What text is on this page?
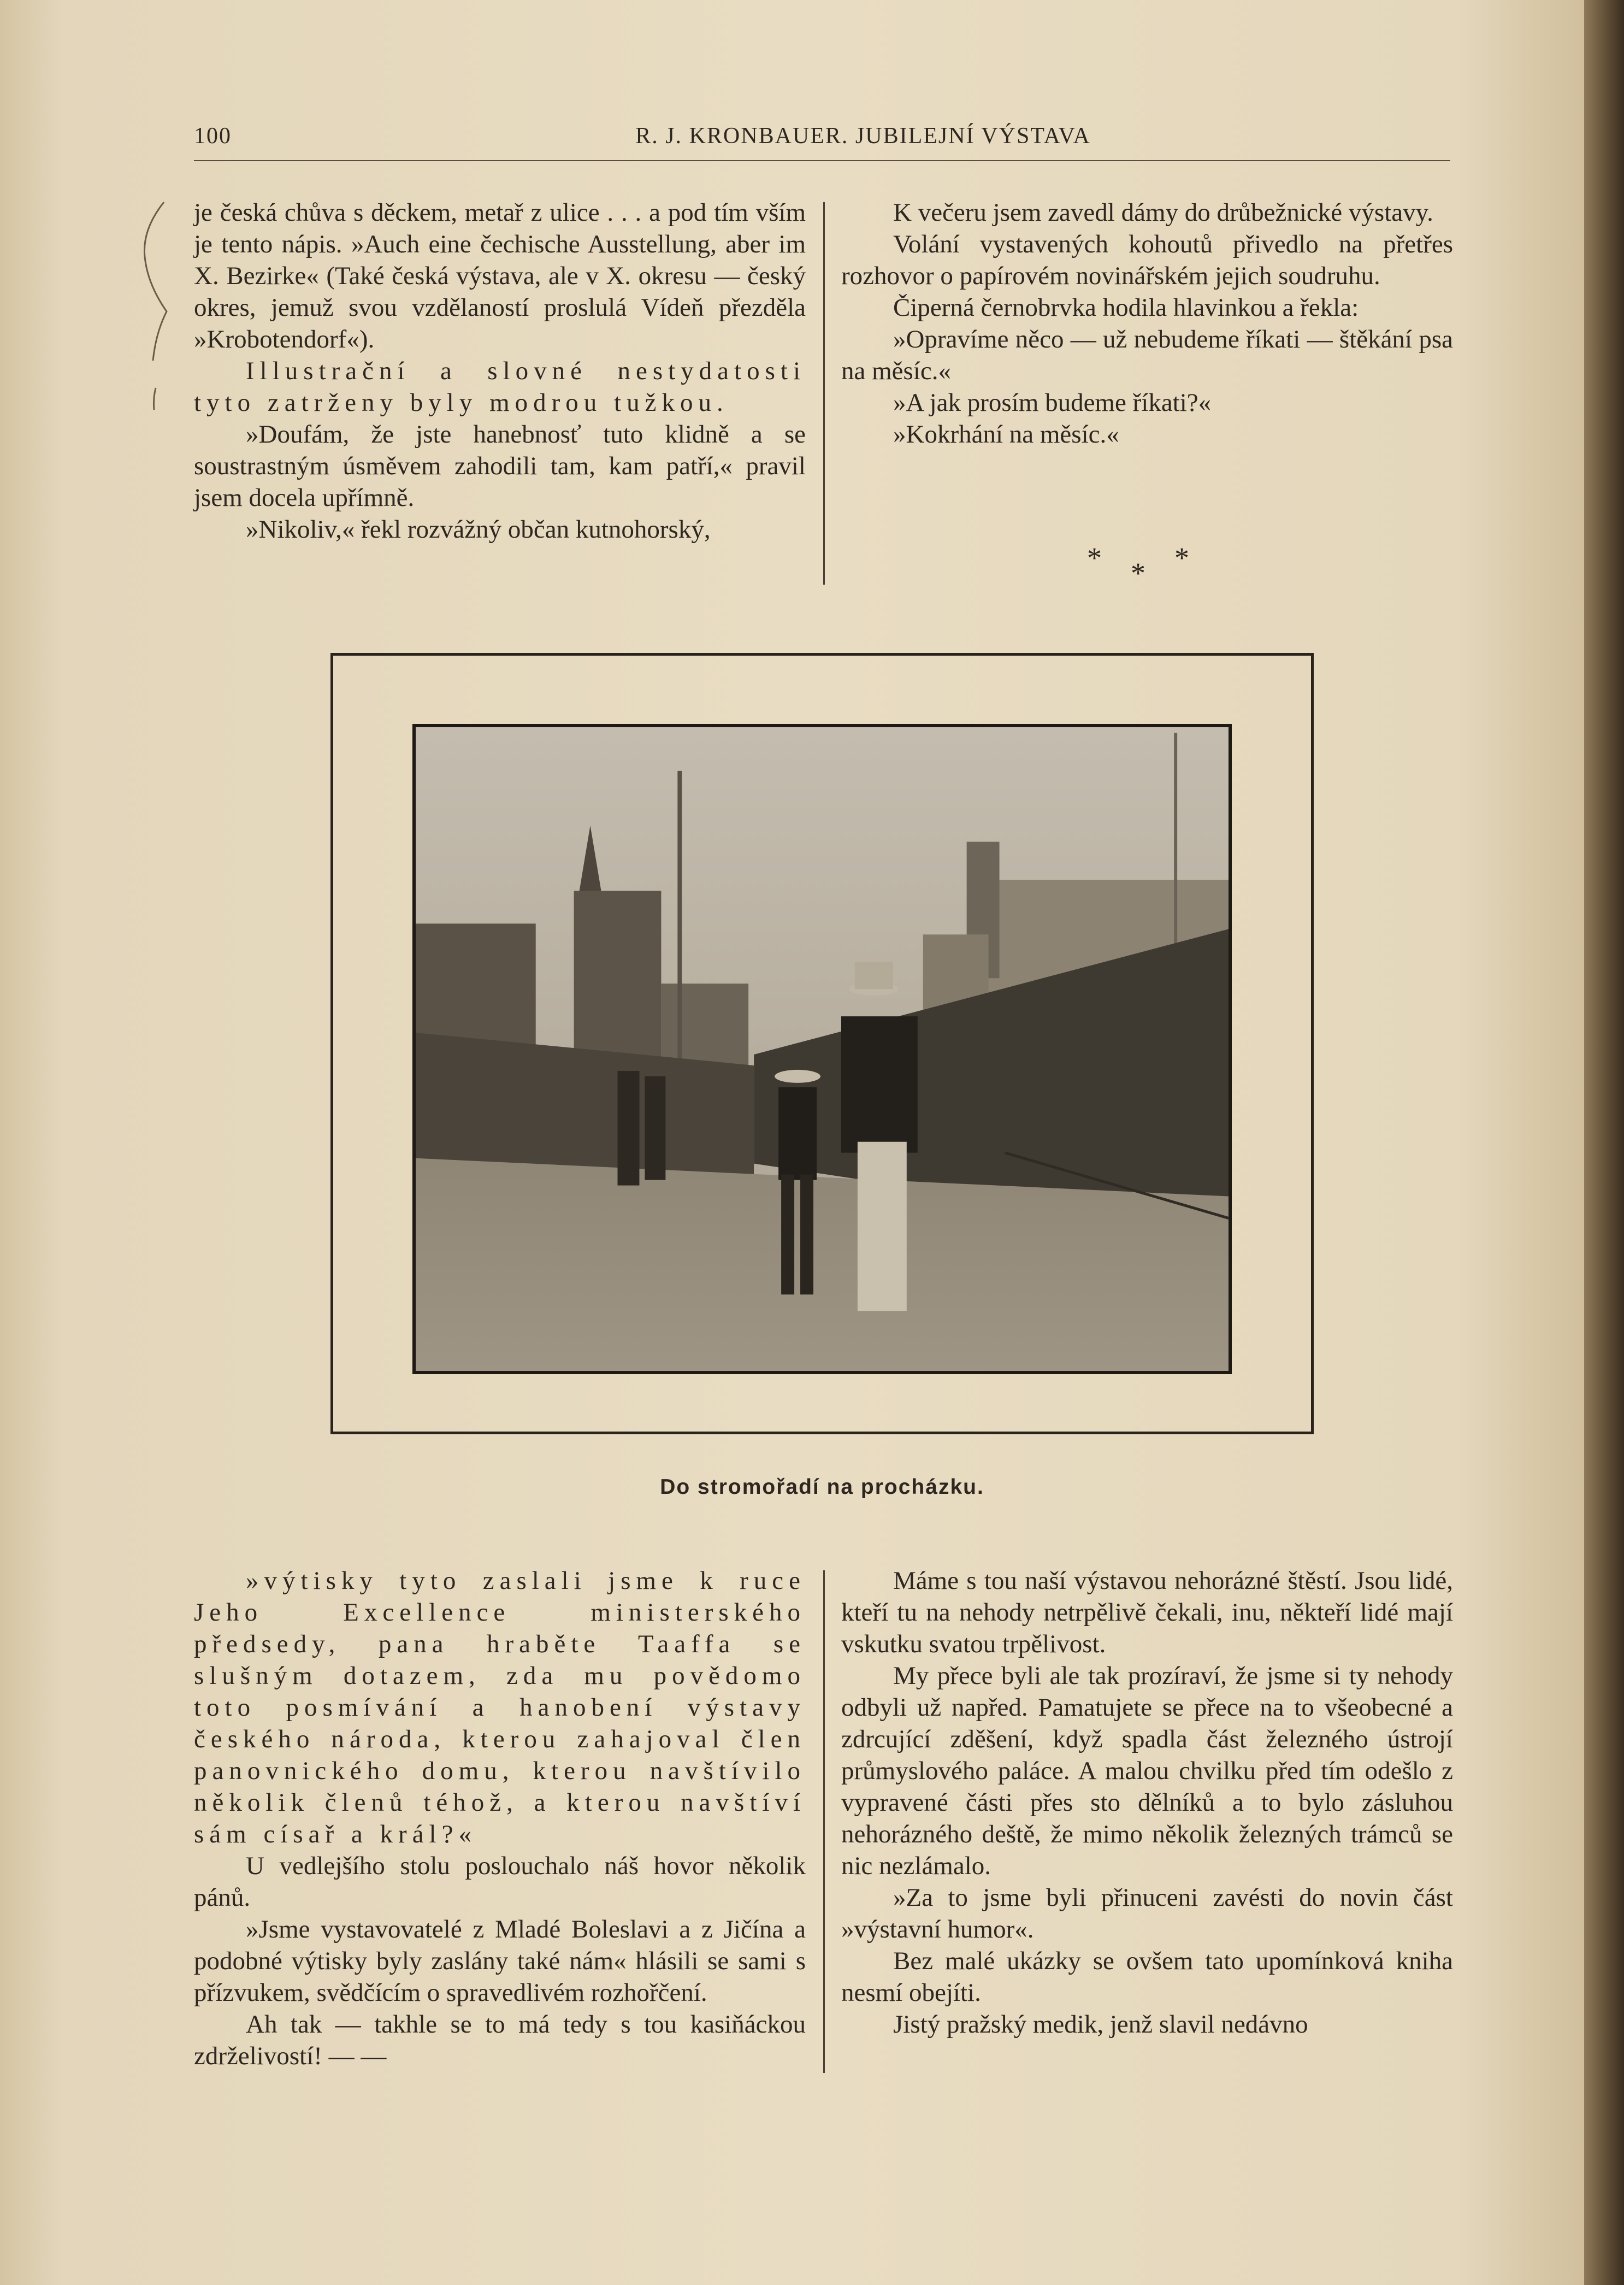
100	R. J. KRONBAUER. JUBILEJNÍ VÝSTAVA

je česká chůva s děckem, metař z ulice . . . a pod tím vším je tento nápis. »Auch eine čechische Ausstellung, aber im X. Bezirke« (Také česká výstava, ale v X. okresu — český okres, jemuž svou vzdělaností proslulá Vídeň přezděla »Krobotendorf«).

Illustrační a slovné nestydatosti tyto zatrženy byly modrou tužkou.

»Doufám, že jste hanebnosť tuto klidně a se soustrastným úsměvem zahodili tam, kam patří,« pravil jsem docela upřímně.

»Nikoliv,« řekl rozvážný občan kutnohorský,

K večeru jsem zavedl dámy do drůbežnické výstavy.

Volání vystavených kohoutů přivedlo na přetřes rozhovor o papírovém novinářském jejich soudruhu.

Čiperná černobrvka hodila hlavinkou a řekla:

»Opravíme něco — už nebudeme říkati — štěkání psa na měsíc.«

»A jak prosím budeme říkati?«

»Kokrhání na měsíc.«

* * *
Do stromořadí na procházku.

»výtisky tyto zaslali jsme k ruce Jeho Excellence ministerského předsedy, pana hraběte Taaffa se slušným dotazem, zda mu povědomo toto posmívání a hanobení výstavy českého národa, kterou zahajoval člen panovnického domu, kterou navštívilo několik členů téhož, a kterou navštíví sám císař a král?«

U vedlejšího stolu poslouchalo náš hovor několik pánů.

»Jsme vystavovatelé z Mladé Boleslavi a z Jičína a podobné výtisky byly zaslány také nám« hlásili se sami s přízvukem, svědčícím o spravedlivém rozhořčení.

Ah tak — takhle se to má tedy s tou kasiňáckou zdrželivostí! — —

Máme s tou naší výstavou nehorázné štěstí. Jsou lidé, kteří tu na nehody netrpělivě čekali, inu, někteří lidé mají vskutku svatou trpělivost.

My přece byli ale tak prozíraví, že jsme si ty nehody odbyli už napřed. Pamatujete se přece na to všeobecné a zdrcující zděšení, když spadla část železného ústrojí průmyslového paláce. A malou chvilku před tím odešlo z vypravené části přes sto dělníků a to bylo zásluhou nehorázného deště, že mimo několik železných trámců se nic nezlámalo.

»Za to jsme byli přinuceni zavésti do novin část »výstavní humor«.

Bez malé ukázky se ovšem tato upomínková kniha nesmí obejíti.

Jistý pražský medik, jenž slavil nedávno
